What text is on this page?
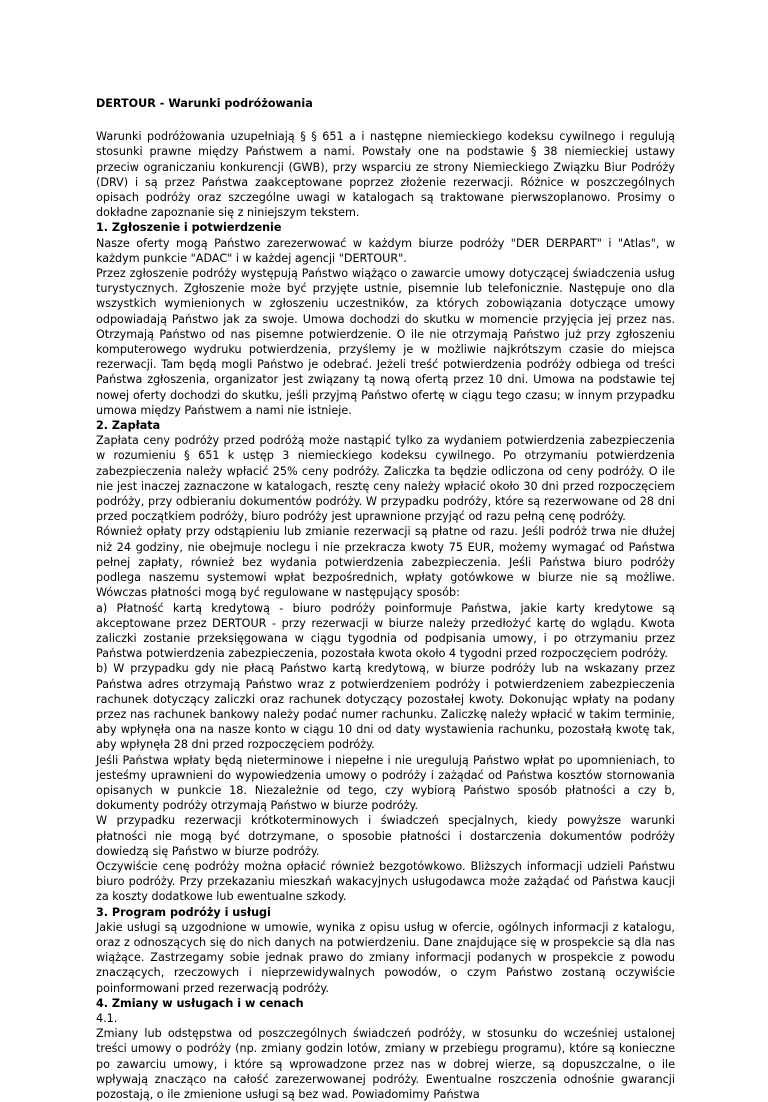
DERTOUR - Warunki podróżowania

Warunki podróżowania uzupełniają § § 651 a i następne niemieckiego kodeksu cywilnego i regulują stosunki prawne między Państwem a nami. Powstały one na podstawie § 38 niemieckiej ustawy przeciw ograniczaniu konkurencji (GWB), przy wsparciu ze strony Niemieckiego Związku Biur Podróży (DRV) i są przez Państwa zaakceptowane poprzez złożenie rezerwacji. Różnice w poszczególnych opisach podróży oraz szczególne uwagi w katalogach są traktowane pierwszoplanowo. Prosimy o dokładne zapoznanie się z niniejszym tekstem.

1. Zgłoszenie i potwierdzenie

Nasze oferty mogą Państwo zarezerwować w każdym biurze podróży "DER DERPART" i "Atlas", w każdym punkcie "ADAC" i w każdej agencji "DERTOUR".

Przez zgłoszenie podróży występują Państwo wiążąco o zawarcie umowy dotyczącej świadczenia usług turystycznych. Zgłoszenie może być przyjęte ustnie, pisemnie lub telefonicznie. Następuje ono dla wszystkich wymienionych w zgłoszeniu uczestników, za których zobowiązania dotyczące umowy odpowiadają Państwo jak za swoje. Umowa dochodzi do skutku w momencie przyjęcia jej przez nas. Otrzymają Państwo od nas pisemne potwierdzenie. O ile nie otrzymają Państwo już przy zgłoszeniu komputerowego wydruku potwierdzenia, przyślemy je w możliwie najkrótszym czasie do miejsca rezerwacji. Tam będą mogli Państwo je odebrać. Jeżeli treść potwierdzenia podróży odbiega od treści Państwa zgłoszenia, organizator jest związany tą nową ofertą przez 10 dni. Umowa na podstawie tej nowej oferty dochodzi do skutku, jeśli przyjmą Państwo ofertę w ciągu tego czasu; w innym przypadku umowa między Państwem a nami nie istnieje.

2. Zapłata

Zapłata ceny podróży przed podróżą może nastąpić tylko za wydaniem potwierdzenia zabezpieczenia w rozumieniu § 651 k ustęp 3 niemieckiego kodeksu cywilnego. Po otrzymaniu potwierdzenia zabezpieczenia należy wpłacić 25% ceny podróży. Zaliczka ta będzie odliczona od ceny podróży. O ile nie jest inaczej zaznaczone w katalogach, resztę ceny należy wpłacić około 30 dni przed rozpoczęciem podróży, przy odbieraniu dokumentów podróży. W przypadku podróży, które są rezerwowane od 28 dni przed początkiem podróży, biuro podróży jest uprawnione przyjąć od razu pełną cenę podróży.

Również opłaty przy odstąpieniu lub zmianie rezerwacji są płatne od razu. Jeśli podróż trwa nie dłużej niż 24 godziny, nie obejmuje noclegu i nie przekracza kwoty 75 EUR, możemy wymagać od Państwa pełnej zapłaty, również bez wydania potwierdzenia zabezpieczenia. Jeśli Państwa biuro podróży podlega naszemu systemowi wpłat bezpośrednich, wpłaty gotówkowe w biurze nie są możliwe. Wówczas płatności mogą być regulowane w następujący sposób:

a) Płatność kartą kredytową - biuro podróży poinformuje Państwa, jakie karty kredytowe są akceptowane przez DERTOUR - przy rezerwacji w biurze należy przedłożyć kartę do wglądu. Kwota zaliczki zostanie przeksięgowana w ciągu tygodnia od podpisania umowy, i po otrzymaniu przez Państwa potwierdzenia zabezpieczenia, pozostała kwota około 4 tygodni przed rozpoczęciem podróży.

b) W przypadku gdy nie płacą Państwo kartą kredytową, w biurze podróży lub na wskazany przez Państwa adres otrzymają Państwo wraz z potwierdzeniem podróży i potwierdzeniem zabezpieczenia rachunek dotyczący zaliczki oraz rachunek dotyczący pozostałej kwoty. Dokonując wpłaty na podany przez nas rachunek bankowy należy podać numer rachunku. Zaliczkę należy wpłacić w takim terminie, aby wpłynęła ona na nasze konto w ciągu 10 dni od daty wystawienia rachunku, pozostałą kwotę tak, aby wpłynęła 28 dni przed rozpoczęciem podróży.

Jeśli Państwa wpłaty będą nieterminowe i niepełne i nie uregulują Państwo wpłat po upomnieniach, to jesteśmy uprawnieni do wypowiedzenia umowy o podróży i zażądać od Państwa kosztów stornowania opisanych w punkcie 18. Niezależnie od tego, czy wybiorą Państwo sposób płatności a czy b, dokumenty podróży otrzymają Państwo w biurze podróży.

W przypadku rezerwacji krótkoterminowych i świadczeń specjalnych, kiedy powyższe warunki płatności nie mogą być dotrzymane, o sposobie płatności i dostarczenia dokumentów podróży dowiedzą się Państwo w biurze podróży.

Oczywiście cenę podróży można opłacić również bezgotówkowo. Bliższych informacji udzieli Państwu biuro podróży. Przy przekazaniu mieszkań wakacyjnych usługodawca może zażądać od Państwa kaucji za koszty dodatkowe lub ewentualne szkody.

3. Program podróży i usługi

Jakie usługi są uzgodnione w umowie, wynika z opisu usług w ofercie, ogólnych informacji z katalogu, oraz z odnoszących się do nich danych na potwierdzeniu. Dane znajdujące się w prospekcie są dla nas wiążące. Zastrzegamy sobie jednak prawo do zmiany informacji podanych w prospekcie z powodu znaczących, rzeczowych i nieprzewidywalnych powodów, o czym Państwo zostaną oczywiście poinformowani przed rezerwacją podróży.

4. Zmiany w usługach i w cenach

4.1.

Zmiany lub odstępstwa od poszczególnych świadczeń podróży, w stosunku do wcześniej ustalonej treści umowy o podróży (np. zmiany godzin lotów, zmiany w przebiegu programu), które są konieczne po zawarciu umowy, i które są wprowadzone przez nas w dobrej wierze, są dopuszczalne, o ile wpływają znacząco na całość zarezerwowanej podróży. Ewentualne roszczenia odnośnie gwarancji pozostają, o ile zmienione usługi są bez wad. Powiadomimy Państwa
